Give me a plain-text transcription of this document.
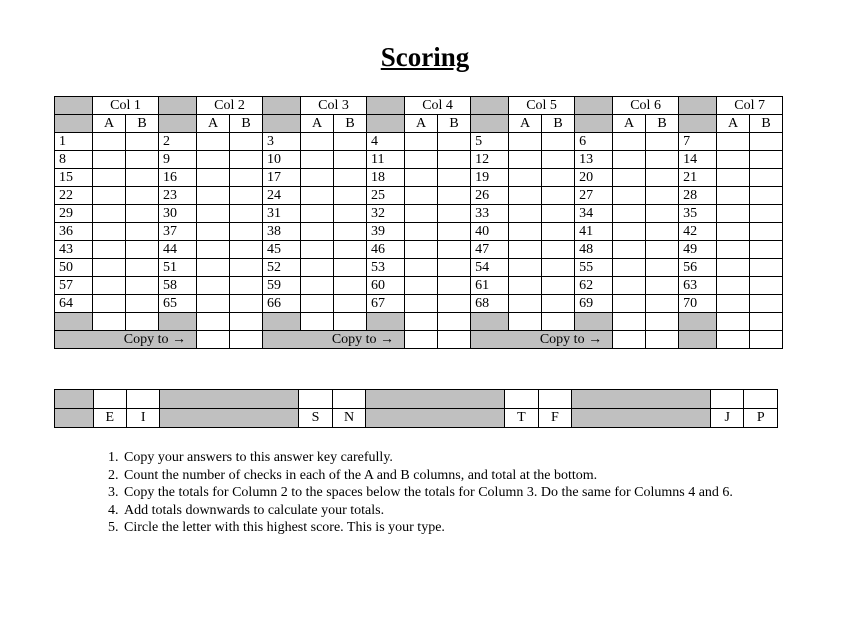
Scoring
	Col 1			Col 2			Col 3			Col 4			Col 5			Col 6			Col 7	
	A	B		A	B		A	B		A	B		A	B		A	B		A	B
1			2			3			4			5			6			7		
8			9			10			11			12			13			14		
15			16			17			18			19			20			21		
22			23			24			25			26			27			28		
29			30			31			32			33			34			35		
36			37			38			39			40			41			42		
43			44			45			46			47			48			49		
50			51			52			53			54			55			56		
57			58			59			60			61			62			63		
64			65			66			67			68			69			70		

Copy to →						Copy to →						Copy to →								

	E	I		S	N		T	F		J	P
1. Copy your answers to this answer key carefully.
2. Count the number of checks in each of the A and B columns, and total at the bottom.
3. Copy the totals for Column 2 to the spaces below the totals for Column 3. Do the same for Columns 4 and 6.
4. Add totals downwards to calculate your totals.
5. Circle the letter with this highest score. This is your type.
